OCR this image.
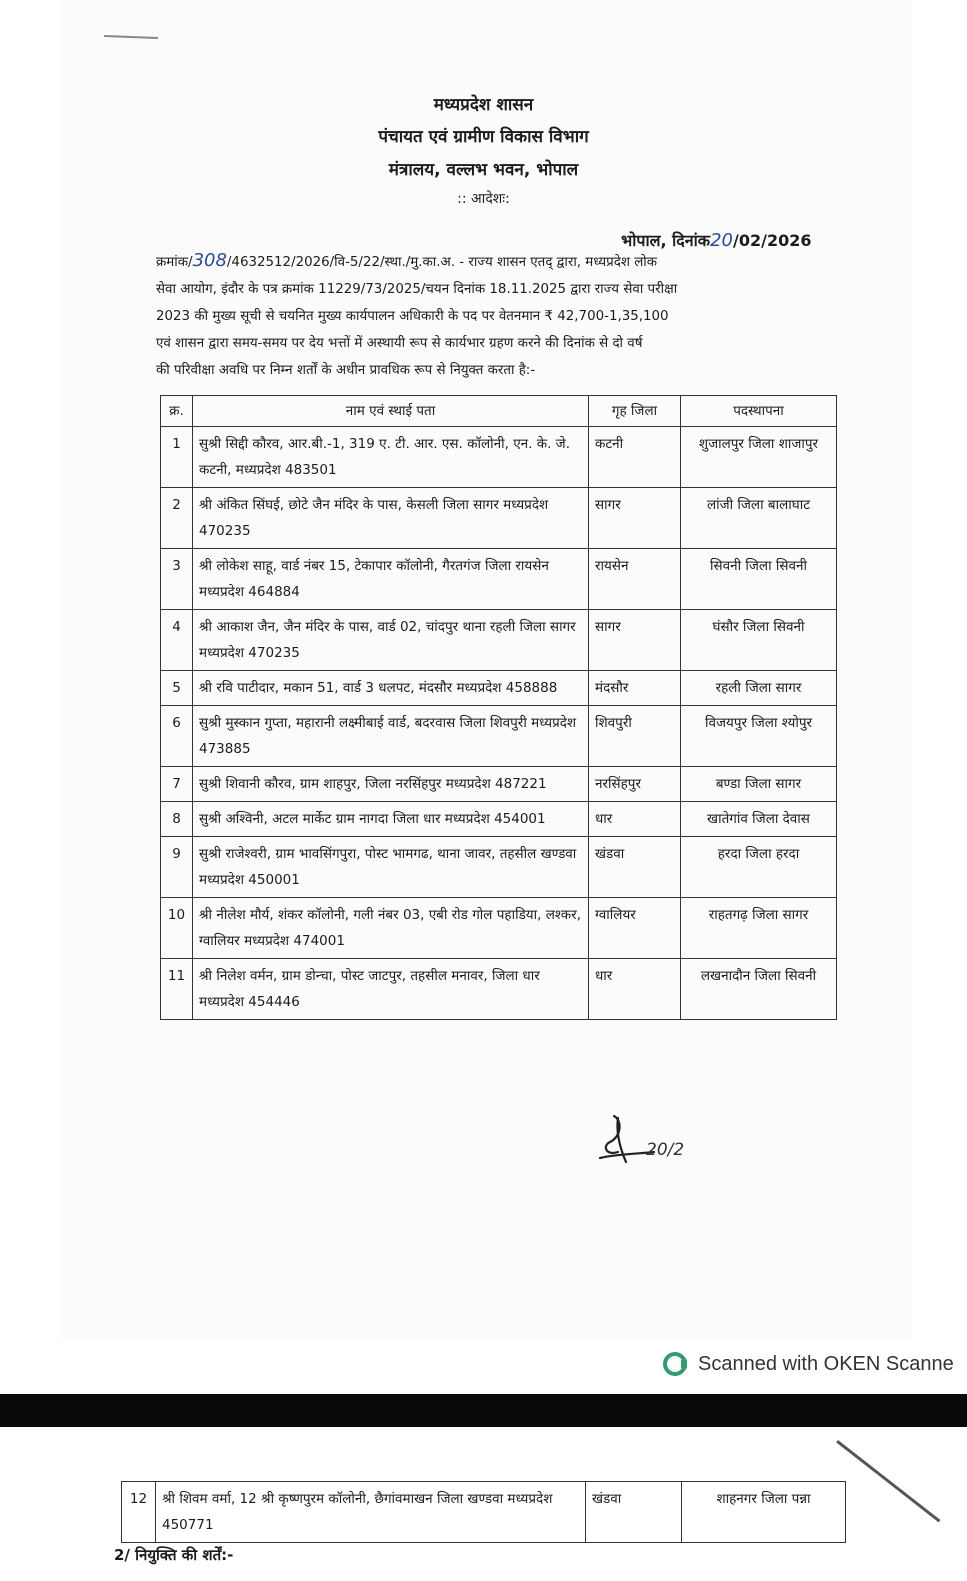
मध्यप्रदेश शासन
पंचायत एवं ग्रामीण विकास विभाग
मंत्रालय, वल्लभ भवन, भोपाल
:: आदेशः:
भोपाल, दिनांक20/02/2026
क्रमांक/308/4632512/2026/वि-5/22/स्था./मु.का.अ. - राज्य शासन एतद् द्वारा, मध्यप्रदेश लोक
सेवा आयोग, इंदौर के पत्र क्रमांक 11229/73/2025/चयन दिनांक 18.11.2025 द्वारा राज्य सेवा परीक्षा
2023 की मुख्य सूची से चयनित मुख्य कार्यपालन अधिकारी के पद पर वेतनमान ₹ 42,700-1,35,100
एवं शासन द्वारा समय-समय पर देय भत्तों में अस्थायी रूप से कार्यभार ग्रहण करने की दिनांक से दो वर्ष
की परिवीक्षा अवधि पर निम्न शर्तों के अधीन प्रावधिक रूप से नियुक्त करता है:-
क्र.	नाम एवं स्थाई पता	गृह जिला	पदस्थापना
1	सुश्री सिद्दी कौरव, आर.बी.-1, 319 ए. टी. आर. एस. कॉलोनी, एन. के. जे. कटनी, मध्यप्रदेश 483501	कटनी	शुजालपुर जिला शाजापुर
2	श्री अंकित सिंघई, छोटे जैन मंदिर के पास, केसली जिला सागर मध्यप्रदेश 470235	सागर	लांजी जिला बालाघाट
3	श्री लोकेश साहू, वार्ड नंबर 15, टेकापार कॉलोनी, गैरतगंज जिला रायसेन मध्यप्रदेश 464884	रायसेन	सिवनी जिला सिवनी
4	श्री आकाश जैन, जैन मंदिर के पास, वार्ड 02, चांदपुर थाना रहली जिला सागर मध्यप्रदेश 470235	सागर	घंसौर जिला सिवनी
5	श्री रवि पाटीदार, मकान 51, वार्ड 3 धलपट, मंदसौर मध्यप्रदेश 458888	मंदसौर	रहली जिला सागर
6	सुश्री मुस्कान गुप्ता, महारानी लक्ष्मीबाई वार्ड, बदरवास जिला शिवपुरी मध्यप्रदेश 473885	शिवपुरी	विजयपुर जिला श्योपुर
7	सुश्री शिवानी कौरव, ग्राम शाहपुर, जिला नरसिंहपुर मध्यप्रदेश 487221	नरसिंहपुर	बण्डा जिला सागर
8	सुश्री अश्विनी, अटल मार्केट ग्राम नागदा जिला धार मध्यप्रदेश 454001	धार	खातेगांव जिला देवास
9	सुश्री राजेश्वरी, ग्राम भावसिंगपुरा, पोस्ट भामगढ, थाना जावर, तहसील खण्डवा मध्यप्रदेश 450001	खंडवा	हरदा जिला हरदा
10	श्री नीलेश मौर्य, शंकर कॉलोनी, गली नंबर 03, एबी रोड गोल पहाडिया, लश्कर, ग्वालियर मध्यप्रदेश 474001	ग्वालियर	राहतगढ़ जिला सागर
11	श्री निलेश वर्मन, ग्राम डोन्चा, पोस्ट जाटपुर, तहसील मनावर, जिला धार मध्यप्रदेश 454446	धार	लखनादौन जिला सिवनी
20/2
Scanned with OKEN Scanne
12	श्री शिवम वर्मा, 12 श्री कृष्णपुरम कॉलोनी, छैगांवमाखन जिला खण्डवा मध्यप्रदेश 450771	खंडवा	शाहनगर जिला पन्ना
2/ नियुक्ति की शर्तें:-
